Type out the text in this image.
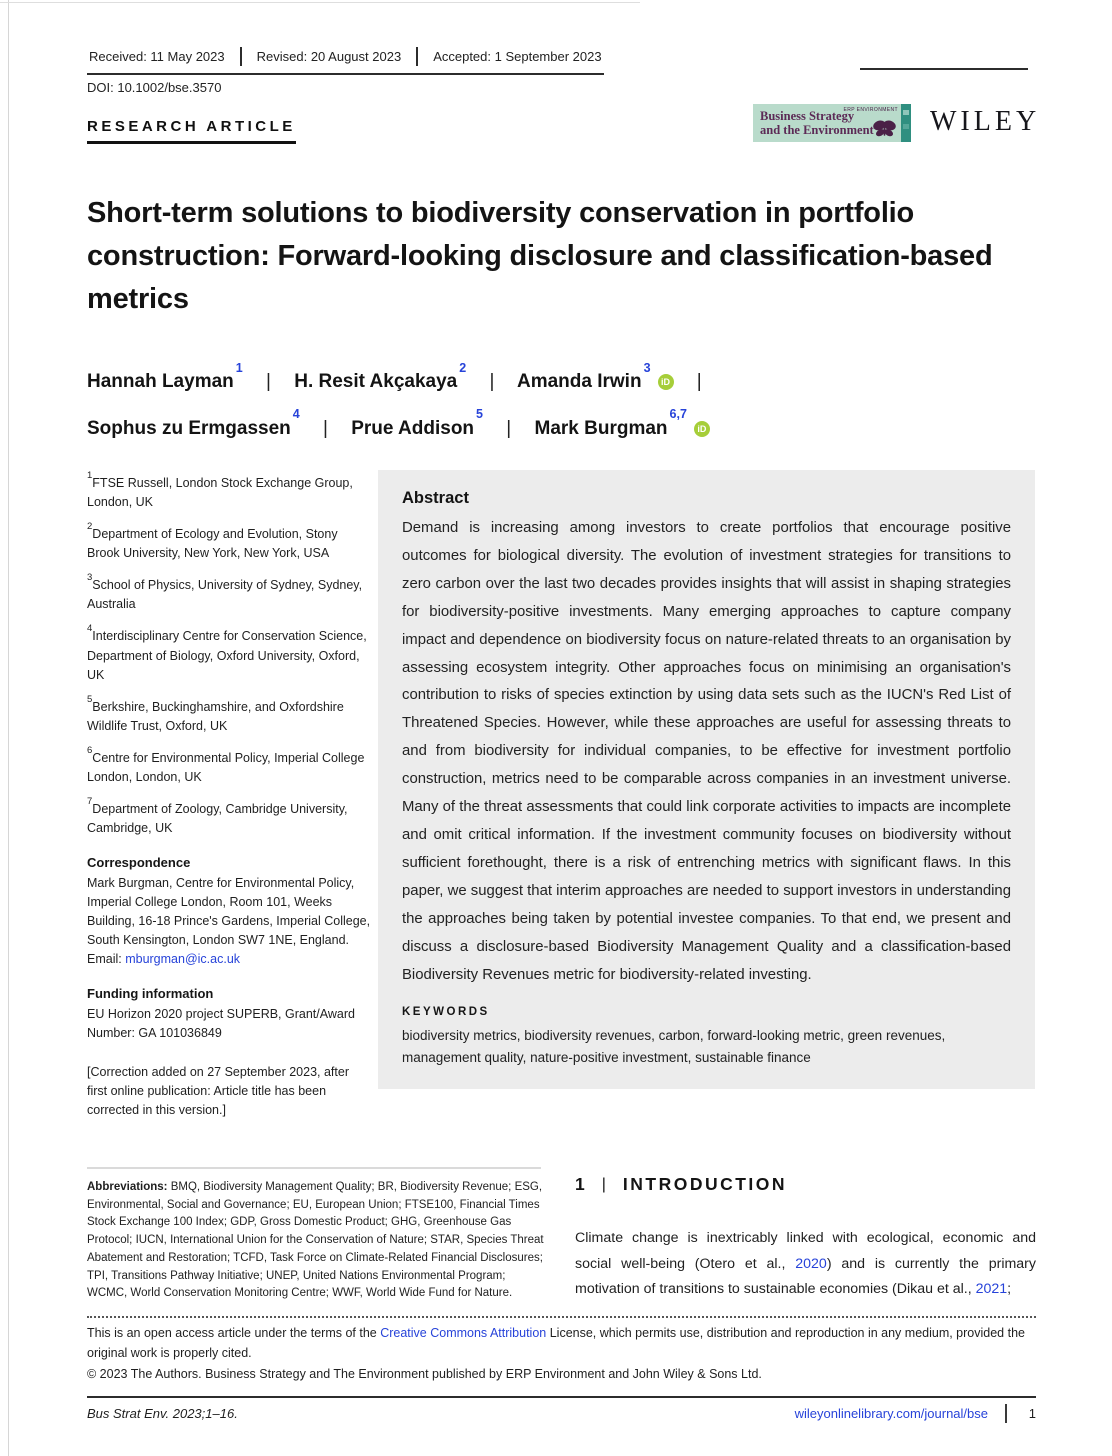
Received: 11 May 2023 Revised: 20 August 2023 Accepted: 1 September 2023
DOI: 10.1002/bse.3570
RESEARCH ARTICLE
Business Strategy
and the Environment
ERP ENVIRONMENT WILEY
Short-term solutions to biodiversity conservation in portfolio construction: Forward-looking disclosure and classification-based metrics
Hannah Layman$^1$ | H. Resit Akçakaya$^2$ | Amanda Irwin$^3$iD |
Sophus zu Ermgassen$^4$ | Prue Addison$^5$ | Mark Burgman$^{6,7}$iD

$^1$FTSE Russell, London Stock Exchange Group, London, UK

$^2$Department of Ecology and Evolution, Stony Brook University, New York, New York, USA

$^3$School of Physics, University of Sydney, Sydney, Australia

$^4$Interdisciplinary Centre for Conservation Science, Department of Biology, Oxford University, Oxford, UK

$^5$Berkshire, Buckinghamshire, and Oxfordshire Wildlife Trust, Oxford, UK

$^6$Centre for Environmental Policy, Imperial College London, London, UK

$^7$Department of Zoology, Cambridge University, Cambridge, UK

Correspondence
Mark Burgman, Centre for Environmental Policy, Imperial College London, Room 101, Weeks Building, 16-18 Prince's Gardens, Imperial College, South Kensington, London SW7 1NE, England.
Email: mburgman@ic.ac.uk
Funding information
EU Horizon 2020 project SUPERB, Grant/Award Number: GA 101036849
[Correction added on 27 September 2023, after first online publication: Article title has been corrected in this version.]
Abstract
Demand is increasing among investors to create portfolios that encourage positive outcomes for biological diversity. The evolution of investment strategies for transitions to zero carbon over the last two decades provides insights that will assist in shaping strategies for biodiversity-positive investments. Many emerging approaches to capture company impact and dependence on biodiversity focus on nature-related threats to an organisation by assessing ecosystem integrity. Other approaches focus on minimising an organisation's contribution to risks of species extinction by using data sets such as the IUCN's Red List of Threatened Species. However, while these approaches are useful for assessing threats to and from biodiversity for individual companies, to be effective for investment portfolio construction, metrics need to be comparable across companies in an investment universe. Many of the threat assessments that could link corporate activities to impacts are incomplete and omit critical information. If the investment community focuses on biodiversity without sufficient forethought, there is a risk of entrenching metrics with significant flaws. In this paper, we suggest that interim approaches are needed to support investors in understanding the approaches being taken by potential investee companies. To that end, we present and discuss a disclosure-based Biodiversity Management Quality and a classification-based Biodiversity Revenues metric for biodiversity-related investing.
KEYWORDS
biodiversity metrics, biodiversity revenues, carbon, forward-looking metric, green revenues, management quality, nature-positive investment, sustainable finance
Abbreviations: BMQ, Biodiversity Management Quality; BR, Biodiversity Revenue; ESG, Environmental, Social and Governance; EU, European Union; FTSE100, Financial Times Stock Exchange 100 Index; GDP, Gross Domestic Product; GHG, Greenhouse Gas Protocol; IUCN, International Union for the Conservation of Nature; STAR, Species Threat Abatement and Restoration; TCFD, Task Force on Climate-Related Financial Disclosures; TPI, Transitions Pathway Initiative; UNEP, United Nations Environmental Program; WCMC, World Conservation Monitoring Centre; WWF, World Wide Fund for Nature.
1 | INTRODUCTION

Climate change is inextricably linked with ecological, economic and social well-being (Otero et al., 2020) and is currently the primary motivation of transitions to sustainable economies (Dikau et al., 2021;

This is an open access article under the terms of the Creative Commons Attribution License, which permits use, distribution and reproduction in any medium, provided the original work is properly cited.
© 2023 The Authors. Business Strategy and The Environment published by ERP Environment and John Wiley & Sons Ltd.
Bus Strat Env. 2023;1–16.	wileyonlinelibrary.com/journal/bse	1
